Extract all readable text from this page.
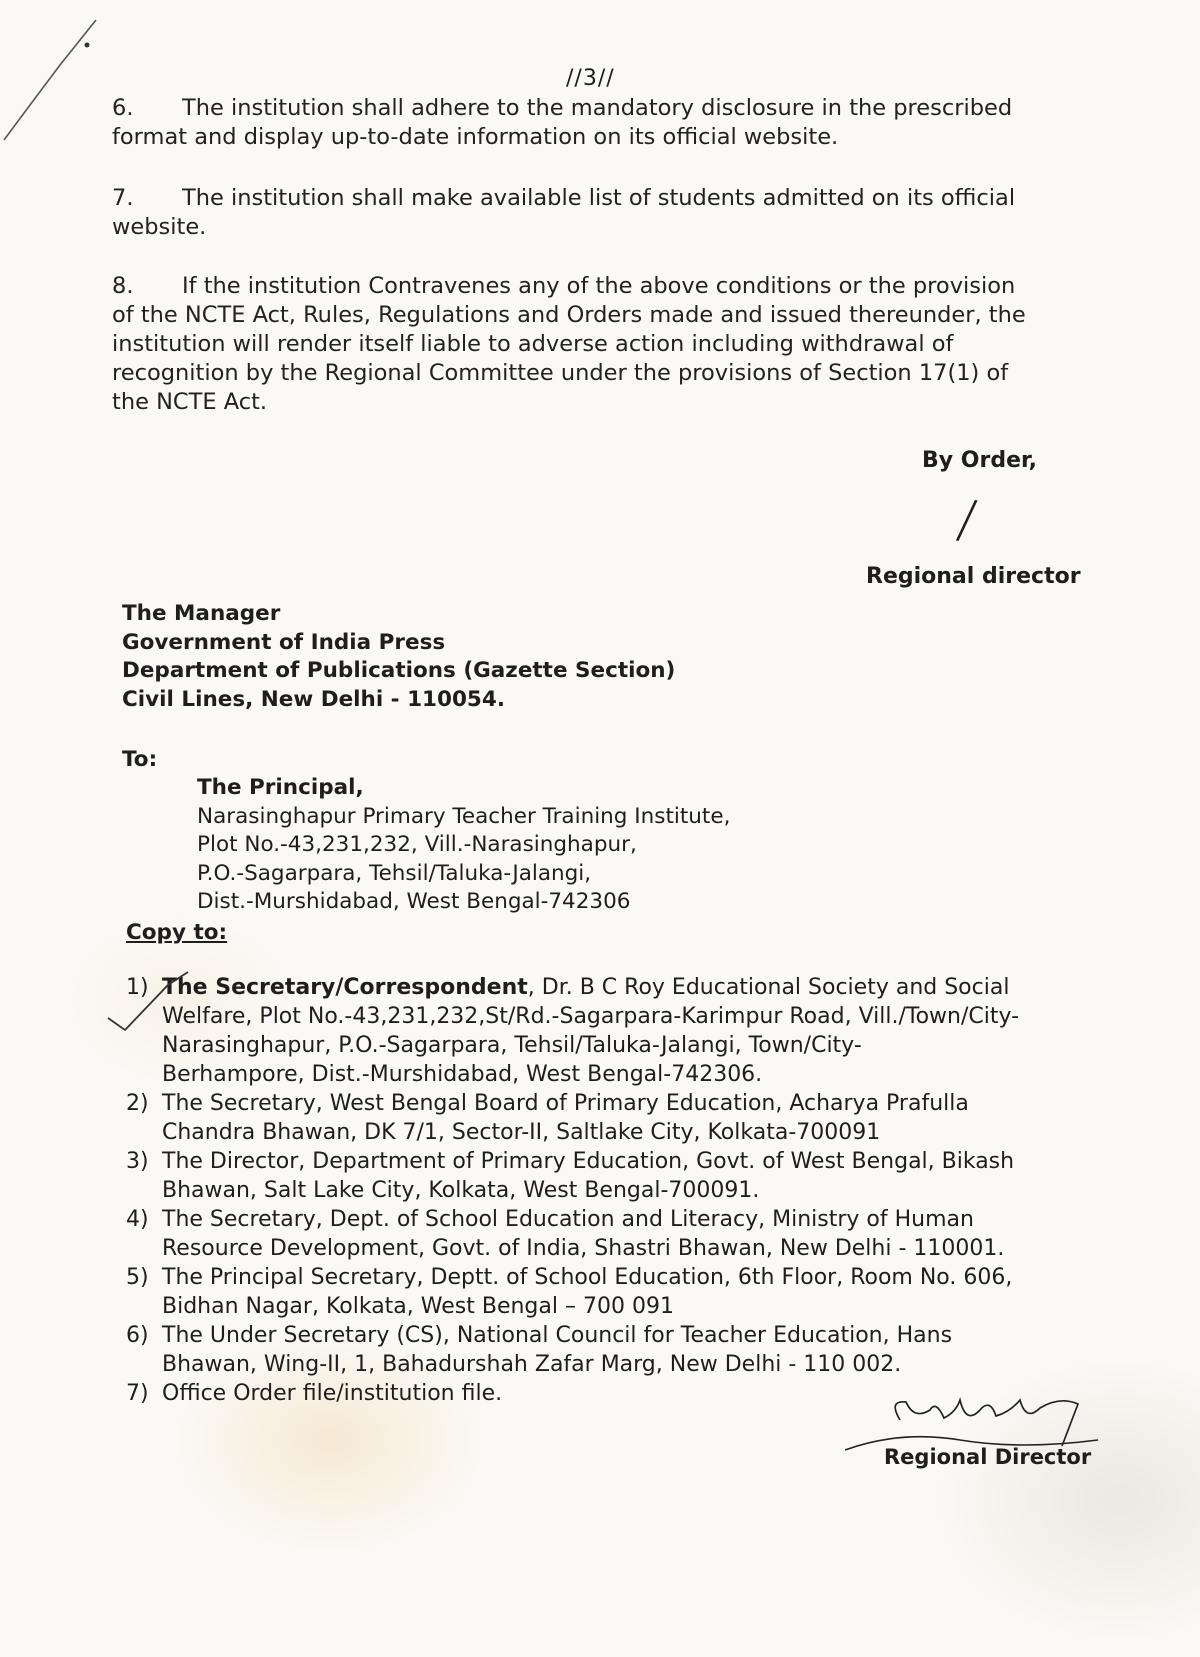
//3//
6. The institution shall adhere to the mandatory disclosure in the prescribed
format and display up-to-date information on its official website.
7. The institution shall make available list of students admitted on its official
website.
8. If the institution Contravenes any of the above conditions or the provision
of the NCTE Act, Rules, Regulations and Orders made and issued thereunder, the
institution will render itself liable to adverse action including withdrawal of
recognition by the Regional Committee under the provisions of Section 17(1) of
the NCTE Act.
By Order,
/
Regional director
The Manager
Government of India Press
Department of Publications (Gazette Section)
Civil Lines, New Delhi - 110054.
To:
The Principal,
Narasinghapur Primary Teacher Training Institute,
Plot No.-43,231,232, Vill.-Narasinghapur,
P.O.-Sagarpara, Tehsil/Taluka-Jalangi,
Dist.-Murshidabad, West Bengal-742306
Copy to:
1) The Secretary/Correspondent, Dr. B C Roy Educational Society and Social
Welfare, Plot No.-43,231,232,St/Rd.-Sagarpara-Karimpur Road, Vill./Town/City-
Narasinghapur, P.O.-Sagarpara, Tehsil/Taluka-Jalangi, Town/City-
Berhampore, Dist.-Murshidabad, West Bengal-742306.
2) The Secretary, West Bengal Board of Primary Education, Acharya Prafulla
Chandra Bhawan, DK 7/1, Sector-II, Saltlake City, Kolkata-700091
3) The Director, Department of Primary Education, Govt. of West Bengal, Bikash
Bhawan, Salt Lake City, Kolkata, West Bengal-700091.
4) The Secretary, Dept. of School Education and Literacy, Ministry of Human
Resource Development, Govt. of India, Shastri Bhawan, New Delhi - 110001.
5) The Principal Secretary, Deptt. of School Education, 6th Floor, Room No. 606,
Bidhan Nagar, Kolkata, West Bengal – 700 091
6) The Under Secretary (CS), National Council for Teacher Education, Hans
Bhawan, Wing-II, 1, Bahadurshah Zafar Marg, New Delhi - 110 002.
7) Office Order file/institution file.
Regional Director
